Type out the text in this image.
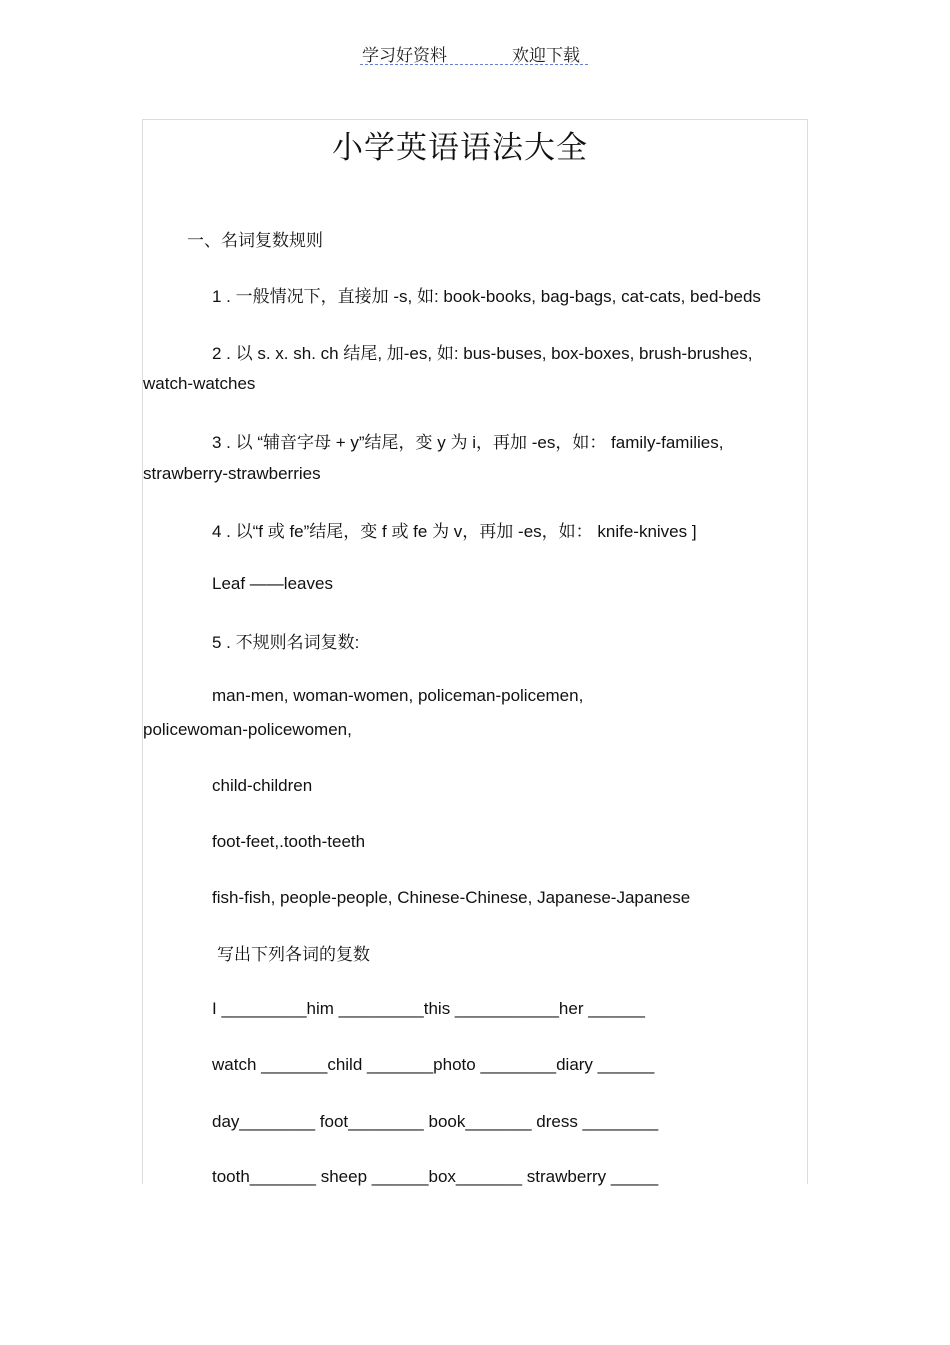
学习好资料	欢迎下载
小学英语语法大全
一、名词复数规则
1 . 一般情况下，直接加 -s, 如: book-books, bag-bags, cat-cats, bed-beds
2 . 以 s. x. sh. ch 结尾, 加-es, 如: bus-buses, box-boxes, brush-brushes,
watch-watches
3 . 以 “辅音字母 + y”结尾，变 y 为 i，再加 -es，如： family-families,
strawberry-strawberries
4 . 以“f 或 fe”结尾，变 f 或 fe 为 v，再加 -es，如： knife-knives ]
Leaf ——leaves
5 . 不规则名词复数:
man-men, woman-women, policeman-policemen,
policewoman-policewomen,
child-children
foot-feet,.tooth-teeth
fish-fish, people-people, Chinese-Chinese, Japanese-Japanese
写出下列各词的复数
I _________him _________this ___________her ______
watch _______child _______photo ________diary ______
day________ foot________ book_______ dress ________
tooth_______ sheep ______box_______ strawberry _____
